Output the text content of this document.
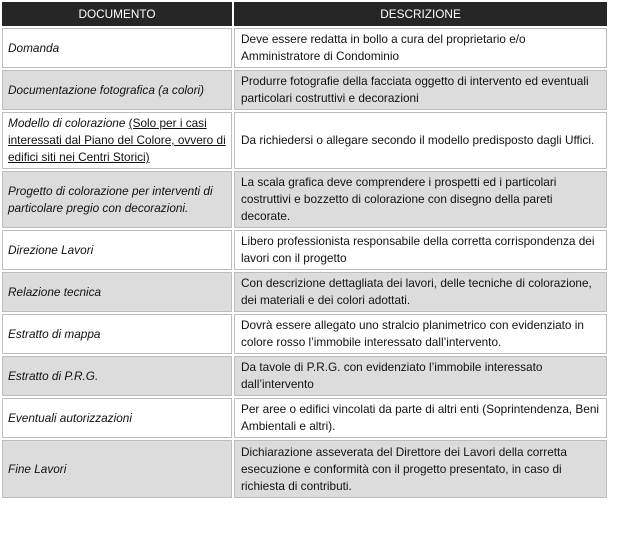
DOCUMENTO	DESCRIZIONE
Domanda	Deve essere redatta in bollo a cura del proprietario e/o Amministratore di Condominio
Documentazione fotografica (a colori)	Produrre fotografie della facciata oggetto di intervento ed eventuali particolari costruttivi e decorazioni
Modello di colorazione (Solo per i casi interessati dal Piano del Colore, ovvero di edifici siti nei Centri Storici)	Da richiedersi o allegare secondo il modello predisposto dagli Uffici.
Progetto di colorazione per interventi di particolare pregio con decorazioni.	La scala grafica deve comprendere i prospetti ed i particolari costruttivi e bozzetto di colorazione con disegno della pareti decorate.
Direzione Lavori	Libero professionista responsabile della corretta corrispondenza dei lavori con il progetto
Relazione tecnica	Con descrizione dettagliata dei lavori, delle tecniche di colorazione, dei materiali e dei colori adottati.
Estratto di mappa	Dovrà essere allegato uno stralcio planimetrico con evidenziato in colore rosso l’immobile interessato dall’intervento.
Estratto di P.R.G.	Da tavole di P.R.G. con evidenziato l’immobile interessato dall’intervento
Eventuali autorizzazioni	Per aree o edifici vincolati da parte di altri enti (Soprintendenza, Beni Ambientali e altri).
Fine Lavori	Dichiarazione asseverata del Direttore dei Lavori della corretta esecuzione e conformità con il progetto presentato, in caso di richiesta di contributi.
